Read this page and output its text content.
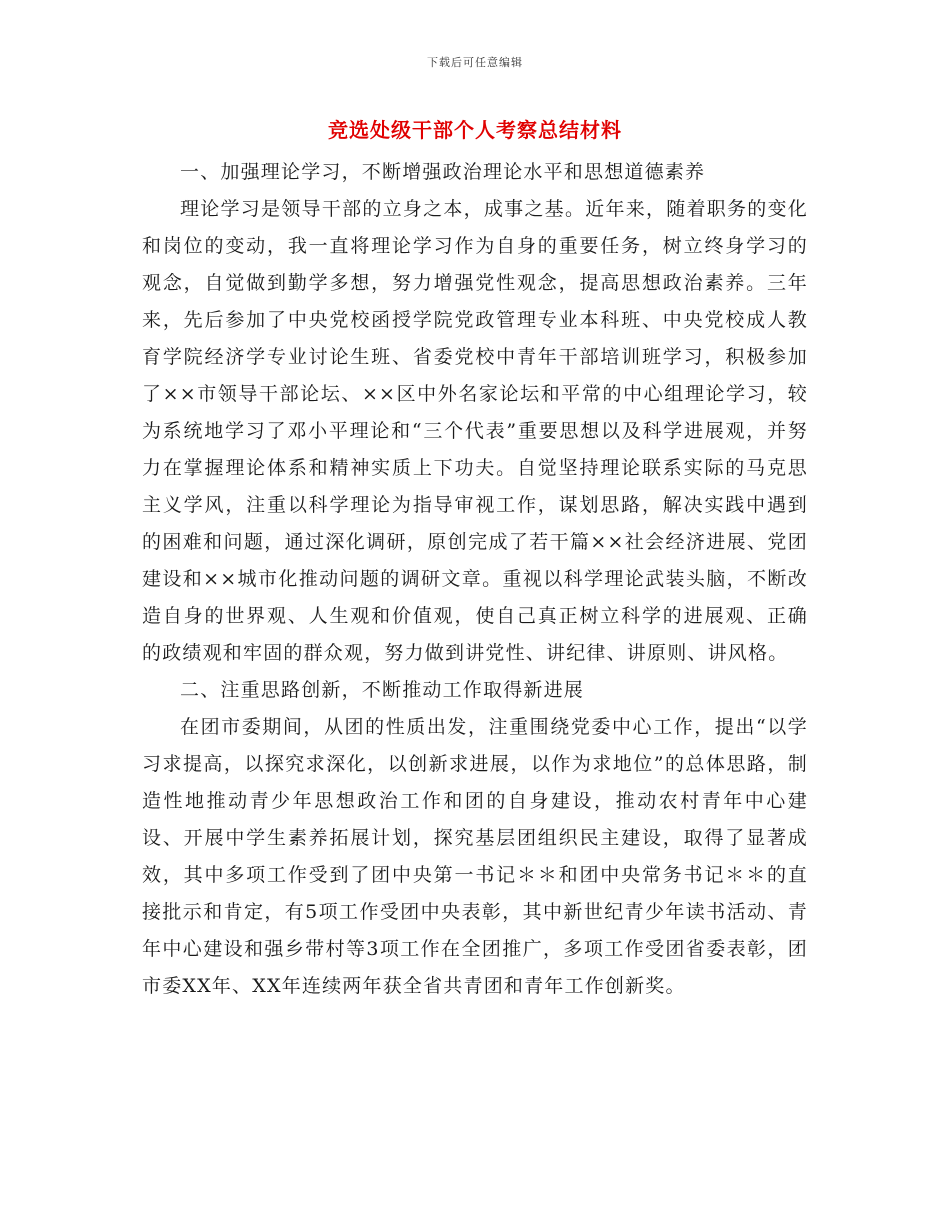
下载后可任意编辑
竞选处级干部个人考察总结材料

一、加强理论学习，不断增强政治理论水平和思想道德素养

理论学习是领导干部的立身之本，成事之基。近年来，随着职务的变化和岗位的变动，我一直将理论学习作为自身的重要任务，树立终身学习的观念，自觉做到勤学多想，努力增强党性观念，提高思想政治素养。三年来，先后参加了中央党校函授学院党政管理专业本科班、中央党校成人教育学院经济学专业讨论生班、省委党校中青年干部培训班学习，积极参加了××市领导干部论坛、××区中外名家论坛和平常的中心组理论学习，较为系统地学习了邓小平理论和“三个代表”重要思想以及科学进展观，并努力在掌握理论体系和精神实质上下功夫。自觉坚持理论联系实际的马克思主义学风，注重以科学理论为指导审视工作，谋划思路，解决实践中遇到的困难和问题，通过深化调研，原创完成了若干篇××社会经济进展、党团建设和××城市化推动问题的调研文章。重视以科学理论武装头脑，不断改造自身的世界观、人生观和价值观，使自己真正树立科学的进展观、正确的政绩观和牢固的群众观，努力做到讲党性、讲纪律、讲原则、讲风格。

二、注重思路创新，不断推动工作取得新进展

在团市委期间，从团的性质出发，注重围绕党委中心工作，提出“以学习求提高，以探究求深化，以创新求进展，以作为求地位”的总体思路，制造性地推动青少年思想政治工作和团的自身建设，推动农村青年中心建设、开展中学生素养拓展计划，探究基层团组织民主建设，取得了显著成效，其中多项工作受到了团中央第一书记＊＊和团中央常务书记＊＊的直接批示和肯定，有5项工作受团中央表彰，其中新世纪青少年读书活动、青年中心建设和强乡带村等3项工作在全团推广，多项工作受团省委表彰，团市委XX年、XX年连续两年获全省共青团和青年工作创新奖。
